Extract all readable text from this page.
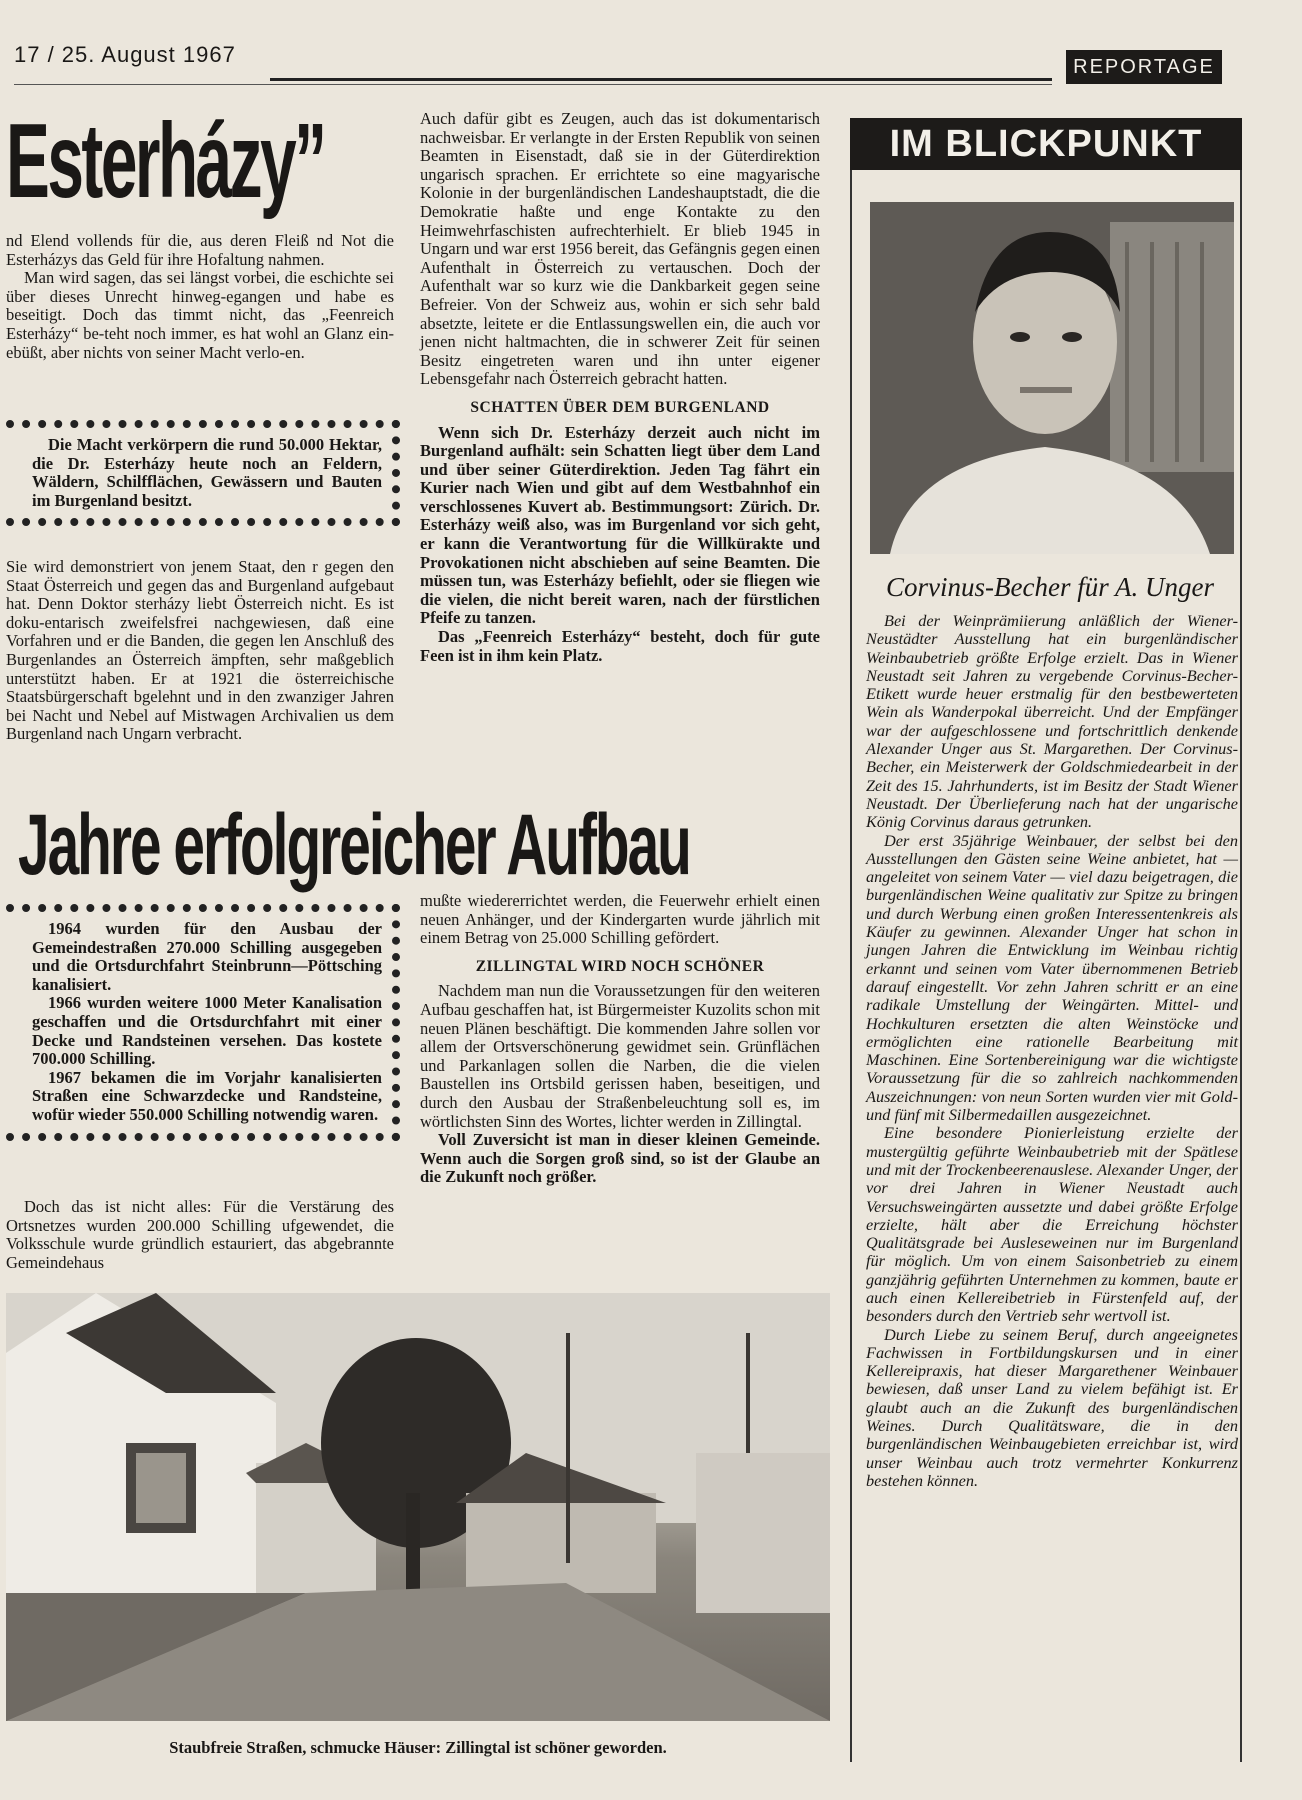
17 / 25. August 1967	REPORTAGE
Esterházy”

nd Elend vollends für die, aus deren Fleiß nd Not die Esterházys das Geld für ihre Hofaltung nahmen.

Man wird sagen, das sei längst vorbei, die eschichte sei über dieses Unrecht hinweg-egangen und habe es beseitigt. Doch das timmt nicht, das „Feenreich Esterházy“ be-teht noch immer, es hat wohl an Glanz ein-ebüßt, aber nichts von seiner Macht verlo-en.

Die Macht verkörpern die rund 50.000 Hektar, die Dr. Esterházy heute noch an Feldern, Wäldern, Schilfflächen, Gewässern und Bauten im Burgenland besitzt.

Sie wird demonstriert von jenem Staat, den r gegen den Staat Österreich und gegen das and Burgenland aufgebaut hat. Denn Doktor sterházy liebt Österreich nicht. Es ist doku-entarisch zweifelsfrei nachgewiesen, daß eine Vorfahren und er die Banden, die gegen len Anschluß des Burgenlandes an Österreich ämpften, sehr maßgeblich unterstützt haben. Er at 1921 die österreichische Staatsbürgerschaft bgelehnt und in den zwanziger Jahren bei Nacht und Nebel auf Mistwagen Archivalien us dem Burgenland nach Ungarn verbracht.

Auch dafür gibt es Zeugen, auch das ist dokumentarisch nachweisbar. Er verlangte in der Ersten Republik von seinen Beamten in Eisenstadt, daß sie in der Güterdirektion ungarisch sprachen. Er errichtete so eine magyarische Kolonie in der burgenländischen Landeshauptstadt, die die Demokratie haßte und enge Kontakte zu den Heimwehrfaschisten aufrechterhielt. Er blieb 1945 in Ungarn und war erst 1956 bereit, das Gefängnis gegen einen Aufenthalt in Österreich zu vertauschen. Doch der Aufenthalt war so kurz wie die Dankbarkeit gegen seine Befreier. Von der Schweiz aus, wohin er sich sehr bald absetzte, leitete er die Entlassungswellen ein, die auch vor jenen nicht haltmachten, die in schwerer Zeit für seinen Besitz eingetreten waren und ihn unter eigener Lebensgefahr nach Österreich gebracht hatten.

SCHATTEN ÜBER DEM BURGENLAND

Wenn sich Dr. Esterházy derzeit auch nicht im Burgenland aufhält: sein Schatten liegt über dem Land und über seiner Güterdirektion. Jeden Tag fährt ein Kurier nach Wien und gibt auf dem Westbahnhof ein verschlossenes Kuvert ab. Bestimmungsort: Zürich. Dr. Esterházy weiß also, was im Burgenland vor sich geht, er kann die Verantwortung für die Willkürakte und Provokationen nicht abschieben auf seine Beamten. Die müssen tun, was Esterházy befiehlt, oder sie fliegen wie die vielen, die nicht bereit waren, nach der fürstlichen Pfeife zu tanzen.

Das „Feenreich Esterházy“ besteht, doch für gute Feen ist in ihm kein Platz.

Jahre erfolgreicher Aufbau

1964 wurden für den Ausbau der Gemeindestraßen 270.000 Schilling ausgegeben und die Ortsdurchfahrt Steinbrunn—Pöttsching kanalisiert.

1966 wurden weitere 1000 Meter Kanalisation geschaffen und die Ortsdurchfahrt mit einer Decke und Randsteinen versehen. Das kostete 700.000 Schilling.

1967 bekamen die im Vorjahr kanalisierten Straßen eine Schwarzdecke und Randsteine, wofür wieder 550.000 Schilling notwendig waren.

Doch das ist nicht alles: Für die Verstärung des Ortsnetzes wurden 200.000 Schilling ufgewendet, die Volksschule wurde gründlich estauriert, das abgebrannte Gemeindehaus

mußte wiedererrichtet werden, die Feuerwehr erhielt einen neuen Anhänger, und der Kindergarten wurde jährlich mit einem Betrag von 25.000 Schilling gefördert.

ZILLINGTAL WIRD NOCH SCHÖNER

Nachdem man nun die Voraussetzungen für den weiteren Aufbau geschaffen hat, ist Bürgermeister Kuzolits schon mit neuen Plänen beschäftigt. Die kommenden Jahre sollen vor allem der Ortsverschönerung gewidmet sein. Grünflächen und Parkanlagen sollen die Narben, die die vielen Baustellen ins Ortsbild gerissen haben, beseitigen, und durch den Ausbau der Straßenbeleuchtung soll es, im wörtlichsten Sinn des Wortes, lichter werden in Zillingtal.

Voll Zuversicht ist man in dieser kleinen Gemeinde. Wenn auch die Sorgen groß sind, so ist der Glaube an die Zukunft noch größer.

Staubfreie Straßen, schmucke Häuser: Zillingtal ist schöner geworden.
IM BLICKPUNKT
Corvinus-Becher für A. Unger

Bei der Weinprämiierung anläßlich der Wiener-Neustädter Ausstellung hat ein burgenländischer Weinbaubetrieb größte Erfolge erzielt. Das in Wiener Neustadt seit Jahren zu vergebende Corvinus-Becher-Etikett wurde heuer erstmalig für den bestbewerteten Wein als Wanderpokal überreicht. Und der Empfänger war der aufgeschlossene und fortschrittlich denkende Alexander Unger aus St. Margarethen. Der Corvinus-Becher, ein Meisterwerk der Goldschmiedearbeit in der Zeit des 15. Jahrhunderts, ist im Besitz der Stadt Wiener Neustadt. Der Überlieferung nach hat der ungarische König Corvinus daraus getrunken.

Der erst 35jährige Weinbauer, der selbst bei den Ausstellungen den Gästen seine Weine anbietet, hat — angeleitet von seinem Vater — viel dazu beigetragen, die burgenländischen Weine qualitativ zur Spitze zu bringen und durch Werbung einen großen Interessentenkreis als Käufer zu gewinnen. Alexander Unger hat schon in jungen Jahren die Entwicklung im Weinbau richtig erkannt und seinen vom Vater übernommenen Betrieb darauf eingestellt. Vor zehn Jahren schritt er an eine radikale Umstellung der Weingärten. Mittel- und Hochkulturen ersetzten die alten Weinstöcke und ermöglichten eine rationelle Bearbeitung mit Maschinen. Eine Sortenbereinigung war die wichtigste Voraussetzung für die so zahlreich nachkommenden Auszeichnungen: von neun Sorten wurden vier mit Gold- und fünf mit Silbermedaillen ausgezeichnet.

Eine besondere Pionierleistung erzielte der mustergültig geführte Weinbaubetrieb mit der Spätlese und mit der Trockenbeerenauslese. Alexander Unger, der vor drei Jahren in Wiener Neustadt auch Versuchsweingärten aussetzte und dabei größte Erfolge erzielte, hält aber die Erreichung höchster Qualitätsgrade bei Ausleseweinen nur im Burgenland für möglich. Um von einem Saisonbetrieb zu einem ganzjährig geführten Unternehmen zu kommen, baute er auch einen Kellereibetrieb in Fürstenfeld auf, der besonders durch den Vertrieb sehr wertvoll ist.

Durch Liebe zu seinem Beruf, durch angeeignetes Fachwissen in Fortbildungskursen und in einer Kellereipraxis, hat dieser Margarethener Weinbauer bewiesen, daß unser Land zu vielem befähigt ist. Er glaubt auch an die Zukunft des burgenländischen Weines. Durch Qualitätsware, die in den burgenländischen Weinbaugebieten erreichbar ist, wird unser Weinbau auch trotz vermehrter Konkurrenz bestehen können.
